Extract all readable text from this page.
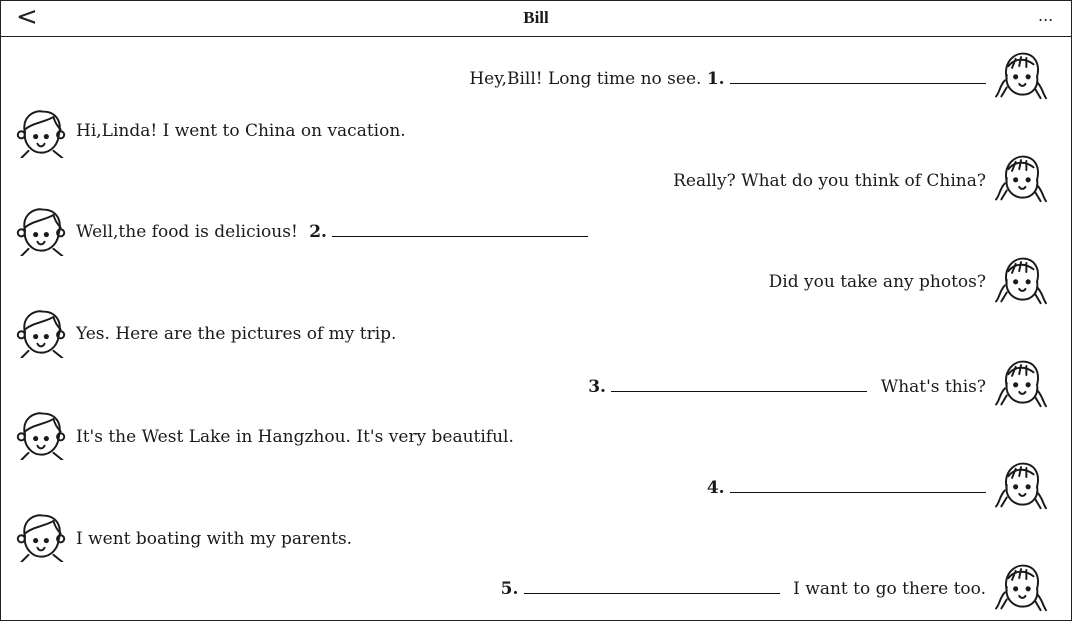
<	Bill	...
Hey,Bill! Long time no see. 1.
Hi,Linda! I went to China on vacation.
Really? What do you think of China?
Well,the food is delicious! 2.
Did you take any photos?
Yes. Here are the pictures of my trip.
3.	What's this?
It's the West Lake in Hangzhou. It's very beautiful.
4.
I went boating with my parents.
5.	I want to go there too.
